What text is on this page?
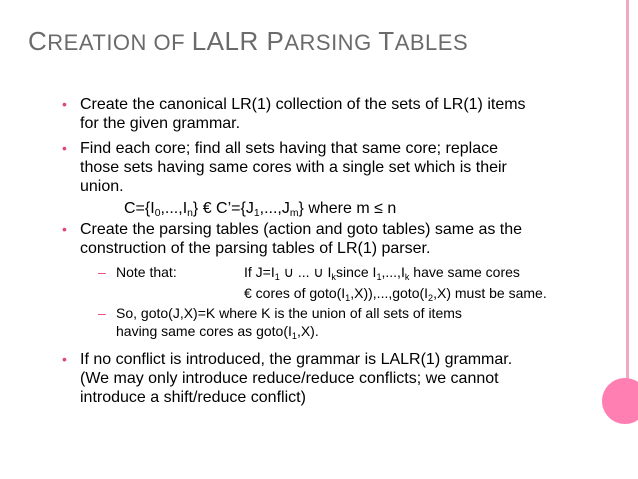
CREATION OF LALR PARSING TABLES
• Create the canonical LR(1) collection of the sets of LR(1) items
for the given grammar.
• Find each core; find all sets having that same core; replace
those sets having same cores with a single set which is their
union.
$C=\{I_0,...,I_n\}$ € $C’=\{J_1,...,J_m\}$ where m ≤ n
• Create the parsing tables (action and goto tables) same as the
construction of the parsing tables of LR(1) parser.
– Note that:	If $J=I_1$ ∪ ... ∪ $I_ksince$ $I_1,...,I_k$ have same cores
€ cores of $goto(I_1,X)),...,goto(I_2,X)$ must be same.
– So, goto(J,X)=K where K is the union of all sets of items
having same cores as $goto(I_1,X)$.
• If no conflict is introduced, the grammar is LALR(1) grammar.
(We may only introduce reduce/reduce conflicts; we cannot
introduce a shift/reduce conflict)
